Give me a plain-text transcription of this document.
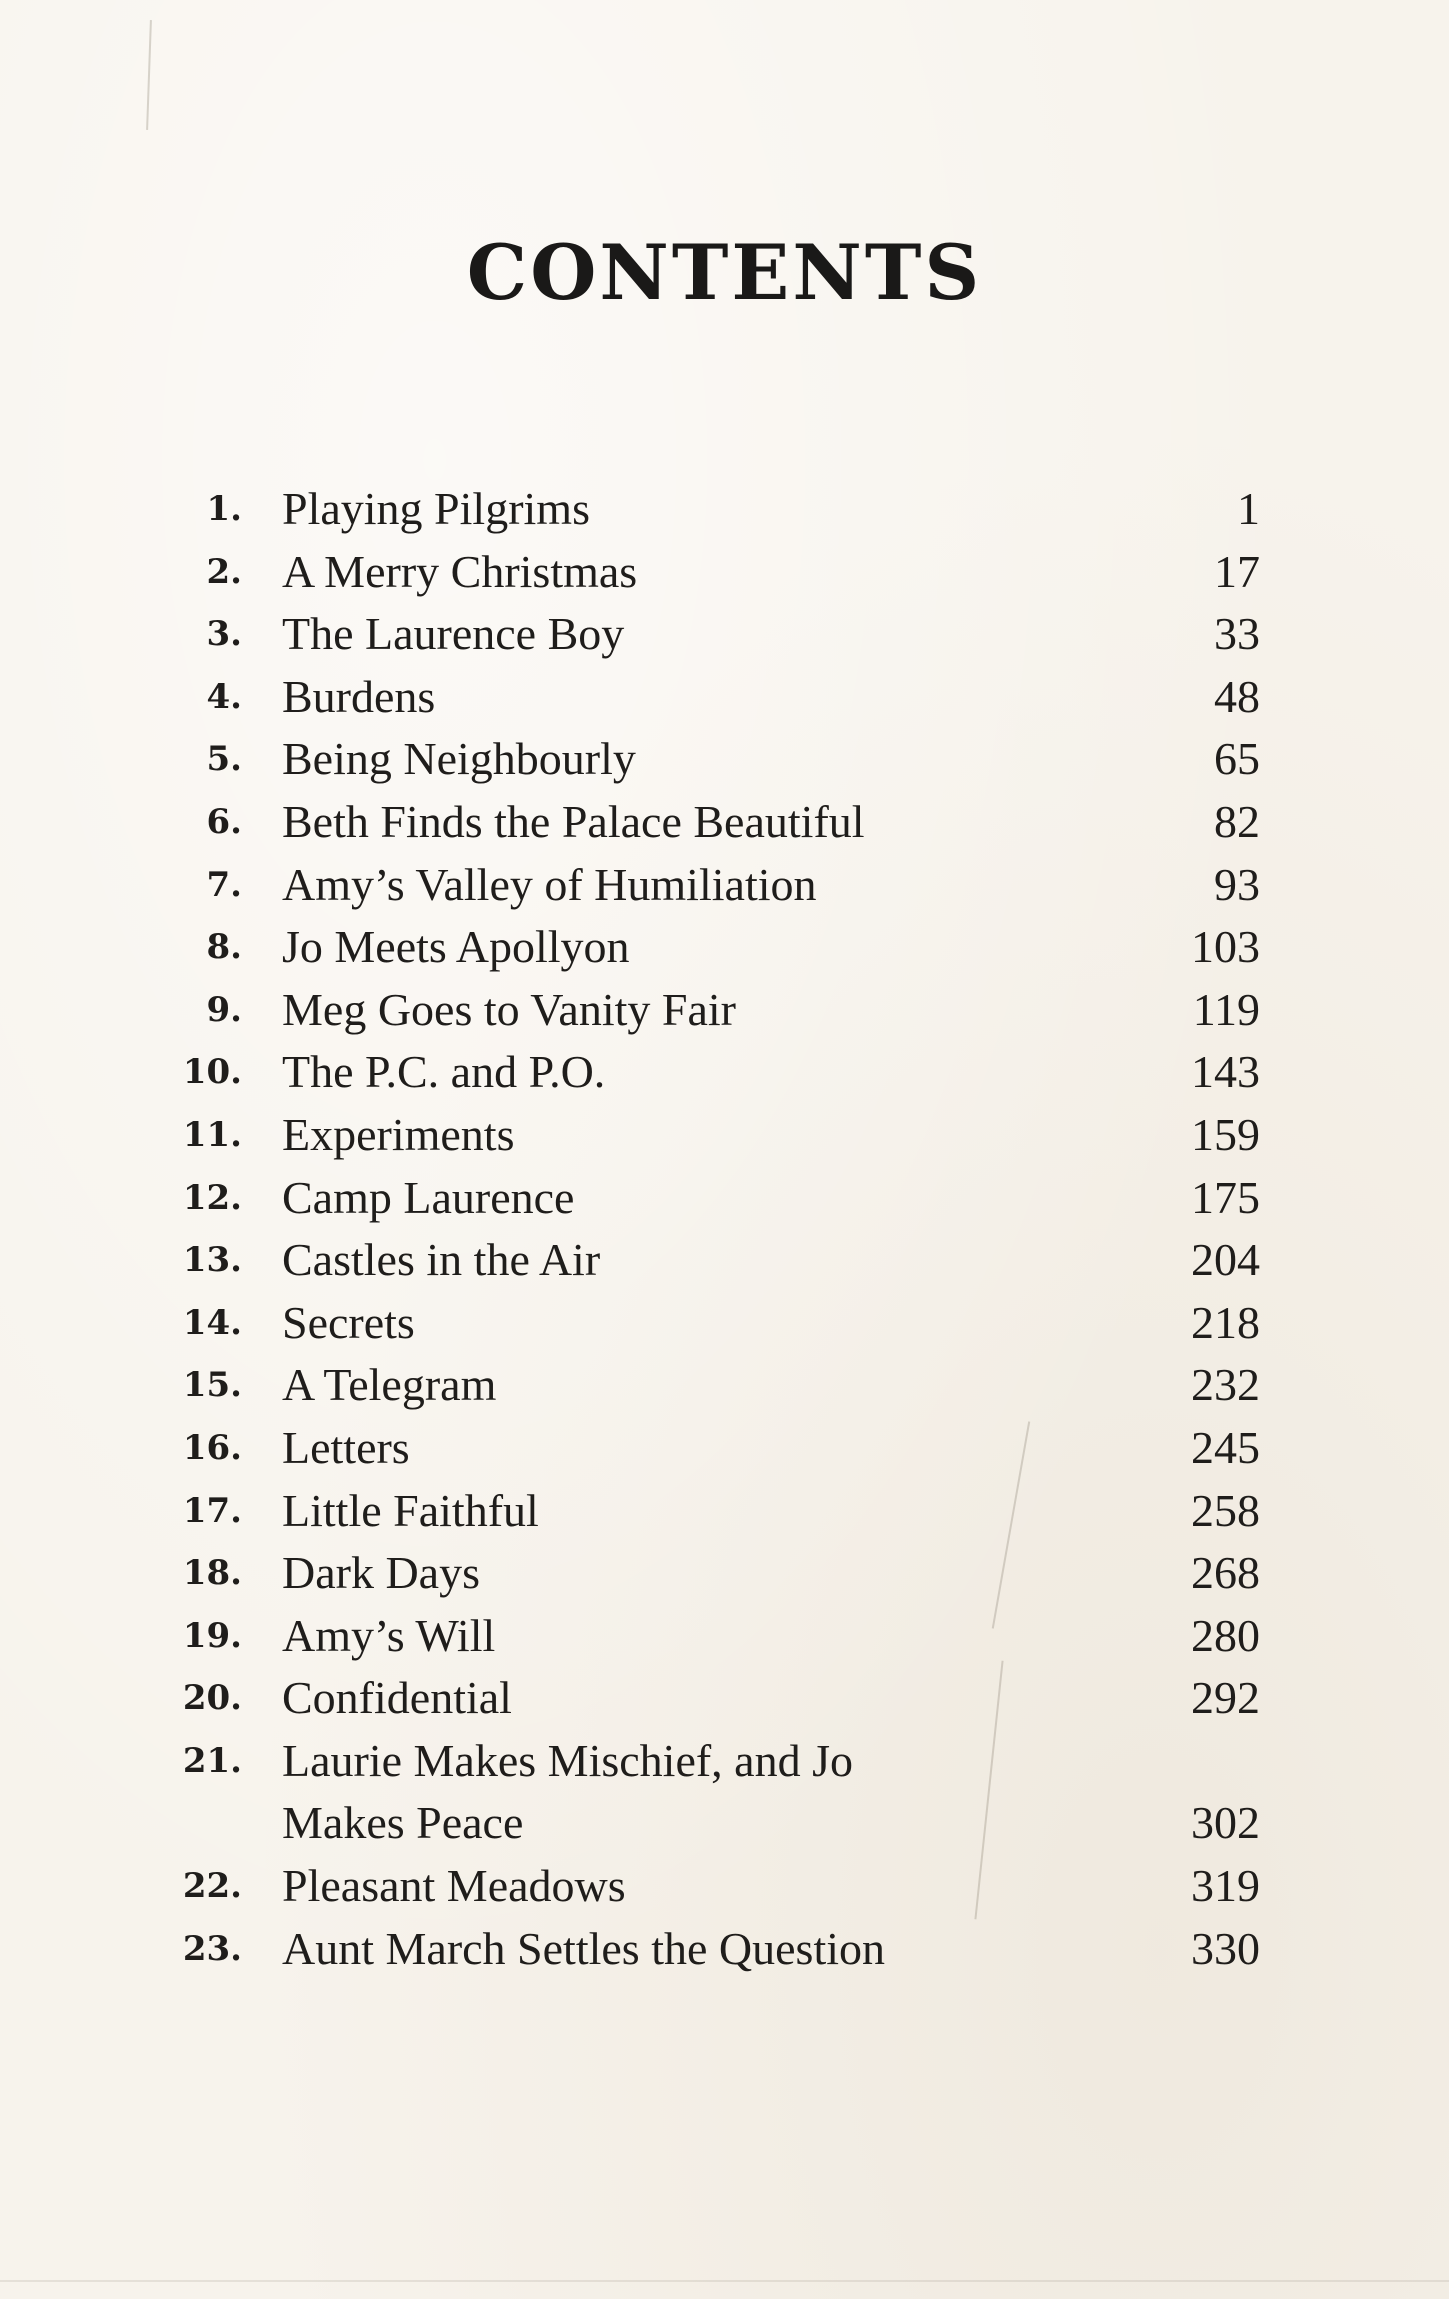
CONTENTS
1. Playing Pilgrims	1
2. A Merry Christmas	17
3. The Laurence Boy	33
4. Burdens	48
5. Being Neighbourly	65
6. Beth Finds the Palace Beautiful	82
7. Amy’s Valley of Humiliation	93
8. Jo Meets Apollyon	103
9. Meg Goes to Vanity Fair	119
10. The P.C. and P.O.	143
11. Experiments	159
12. Camp Laurence	175
13. Castles in the Air	204
14. Secrets	218
15. A Telegram	232
16. Letters	245
17. Little Faithful	258
18. Dark Days	268
19. Amy’s Will	280
20. Confidential	292
21. Laurie Makes Mischief, and Jo
Makes Peace	302
22. Pleasant Meadows	319
23. Aunt March Settles the Question	330
